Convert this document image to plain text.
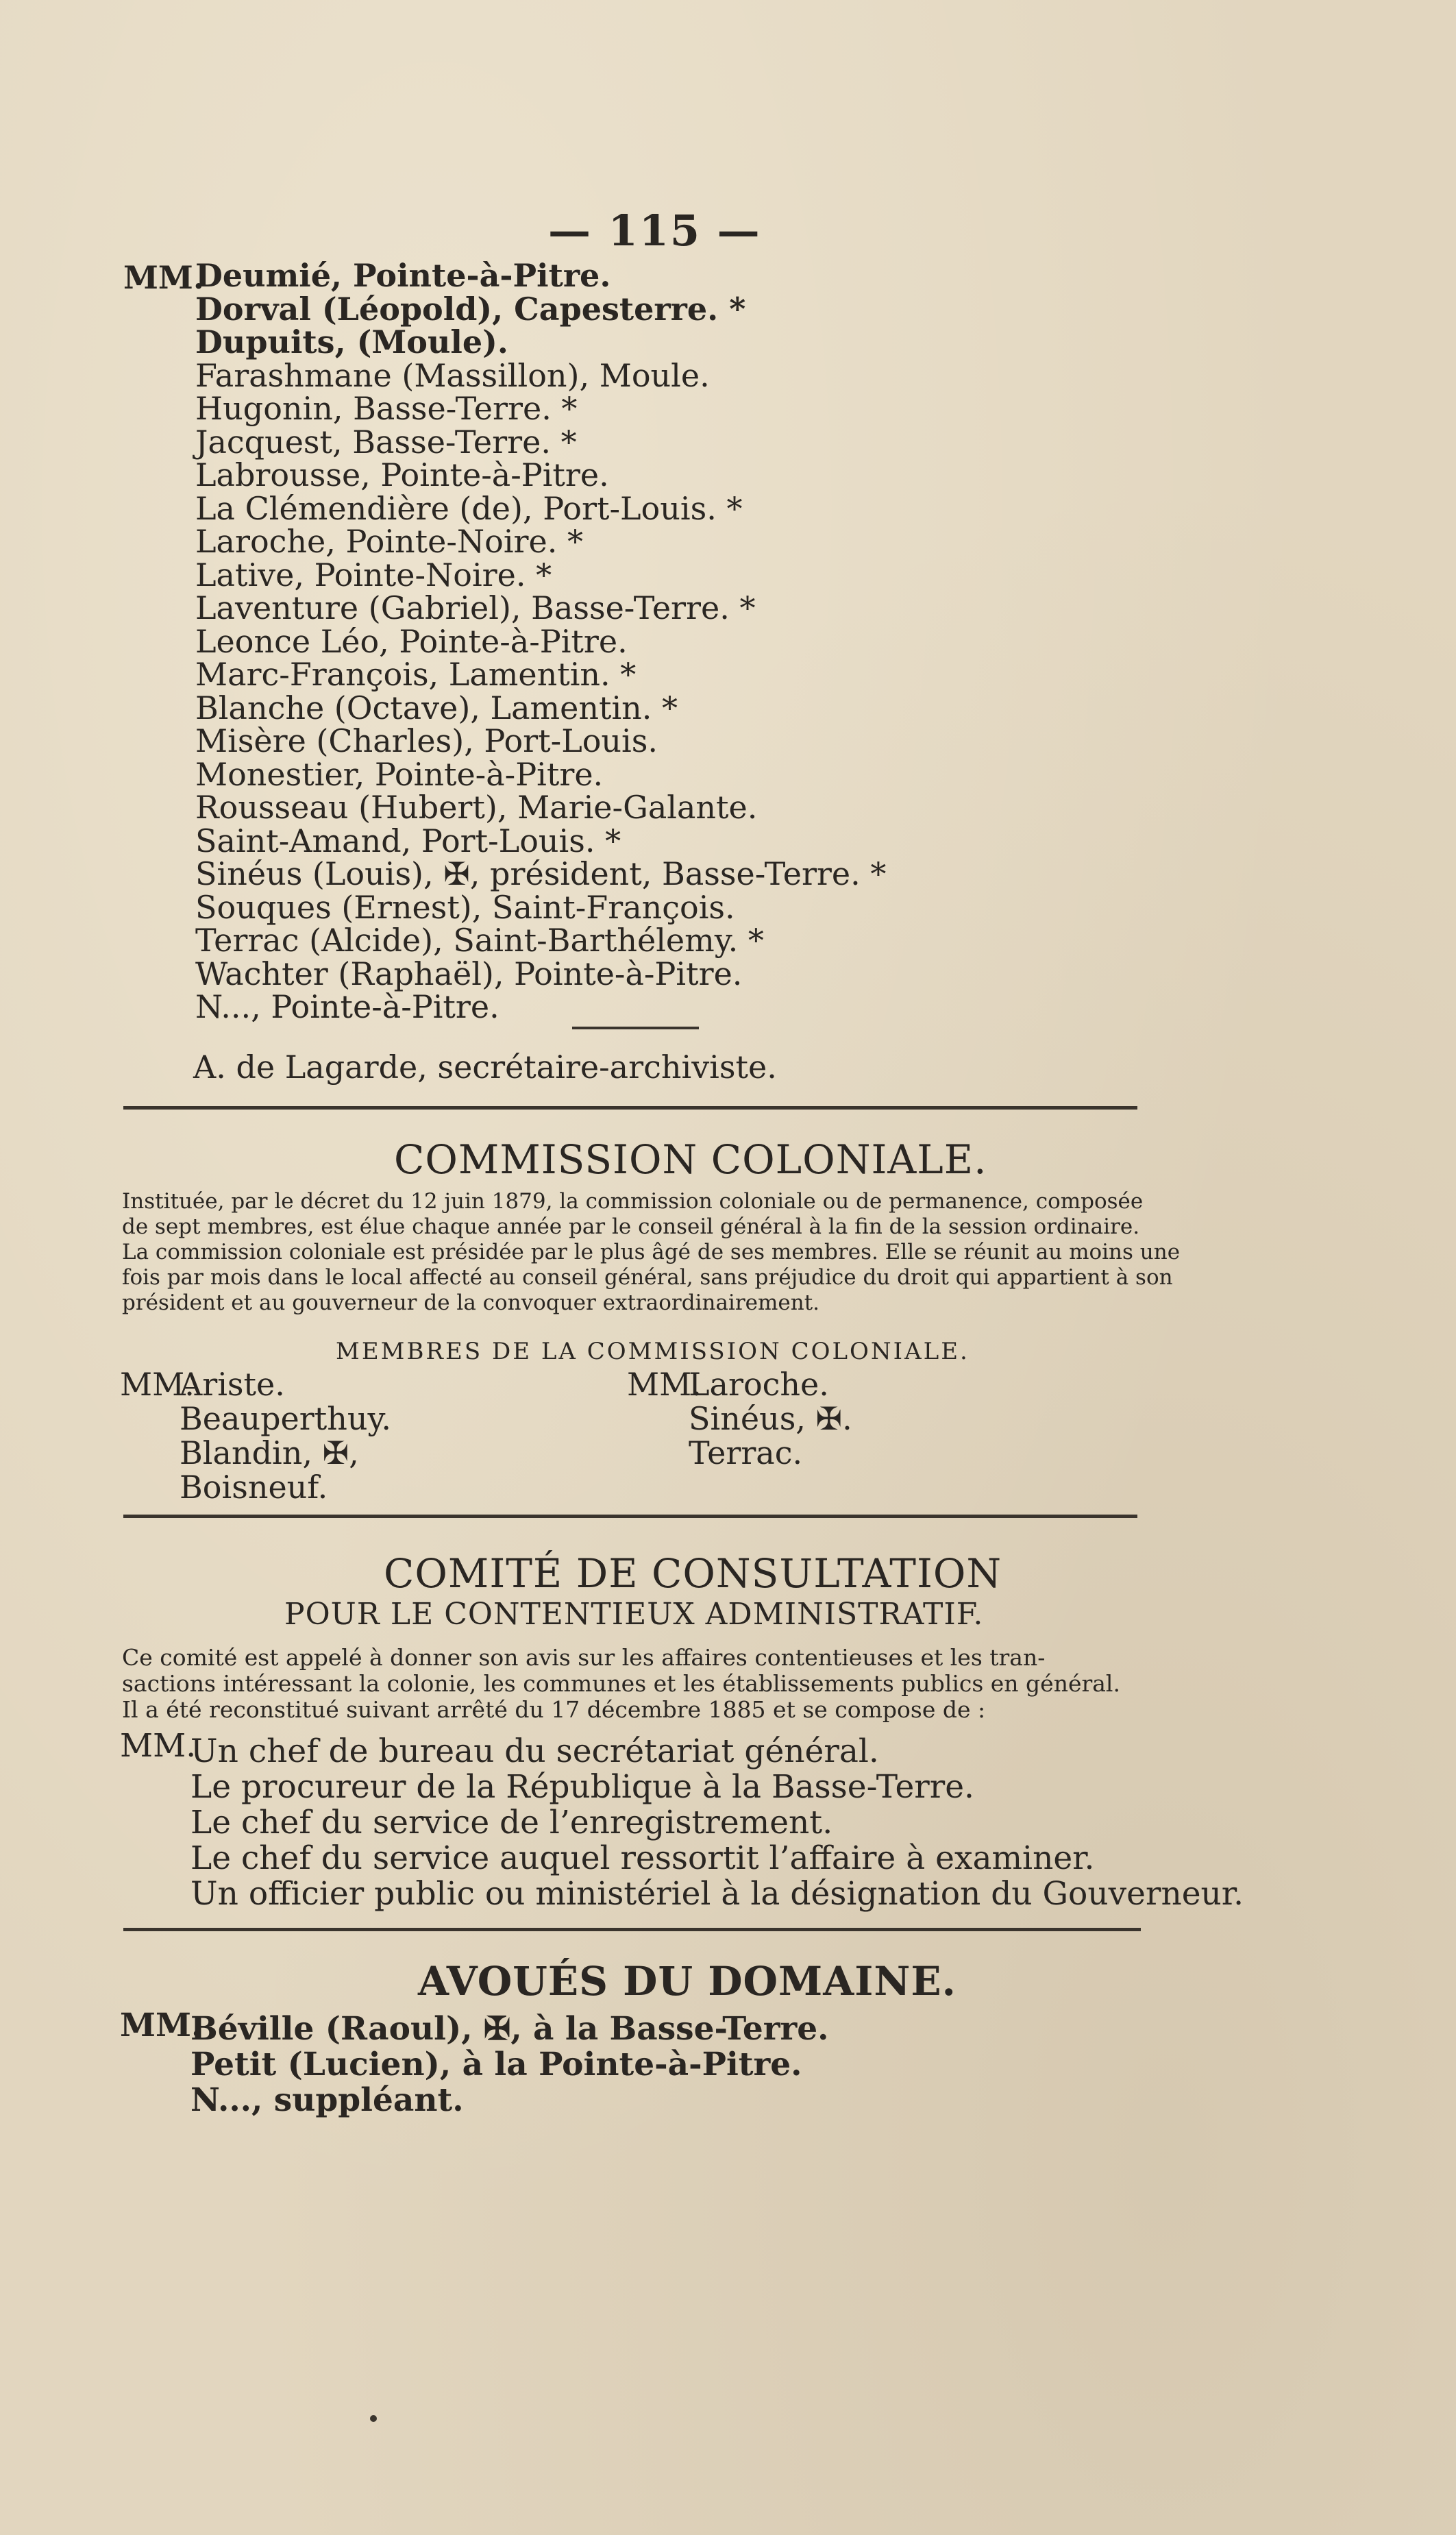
— 115 —
MM.
Deumié, Pointe-à-Pitre.
Dorval (Léopold), Capesterre. *
Dupuits, (Moule).
Farashmane (Massillon), Moule.
Hugonin, Basse-Terre. *
Jacquest, Basse-Terre. *
Labrousse, Pointe-à-Pitre.
La Clémendière (de), Port-Louis. *
Laroche, Pointe-Noire. *
Lative, Pointe-Noire. *
Laventure (Gabriel), Basse-Terre. *
Leonce Léo, Pointe-à-Pitre.
Marc-François, Lamentin. *
Blanche (Octave), Lamentin. *
Misère (Charles), Port-Louis.
Monestier, Pointe-à-Pitre.
Rousseau (Hubert), Marie-Galante.
Saint-Amand, Port-Louis. *
Sinéus (Louis), ✠, président, Basse-Terre. *
Souques (Ernest), Saint-François.
Terrac (Alcide), Saint-Barthélemy. *
Wachter (Raphaël), Pointe-à-Pitre.
N..., Pointe-à-Pitre.
A. de Lagarde, secrétaire-archiviste.
COMMISSION COLONIALE.
Instituée, par le décret du 12 juin 1879, la commission coloniale ou de permanence, composée
de sept membres, est élue chaque année par le conseil général à la fin de la session ordinaire.
La commission coloniale est présidée par le plus âgé de ses membres. Elle se réunit au moins une
fois par mois dans le local affecté au conseil général, sans préjudice du droit qui appartient à son
président et au gouverneur de la convoquer extraordinairement.
MEMBRES DE LA COMMISSION COLONIALE.
MM.
Ariste.
Beauperthuy.
Blandin, ✠,
Boisneuf.
MM.
Laroche.
Sinéus, ✠.
Terrac.
COMITÉ DE CONSULTATION
POUR LE CONTENTIEUX ADMINISTRATIF.
Ce comité est appelé à donner son avis sur les affaires contentieuses et les tran-
sactions intéressant la colonie, les communes et les établissements publics en général.
Il a été reconstitué suivant arrêté du 17 décembre 1885 et se compose de :
MM.
Un chef de bureau du secrétariat général.
Le procureur de la République à la Basse-Terre.
Le chef du service de l’enregistrement.
Le chef du service auquel ressortit l’affaire à examiner.
Un officier public ou ministériel à la désignation du Gouverneur.
AVOUÉS DU DOMAINE.
MM.
Béville (Raoul), ✠, à la Basse-Terre.
Petit (Lucien), à la Pointe-à-Pitre.
N..., suppléant.
